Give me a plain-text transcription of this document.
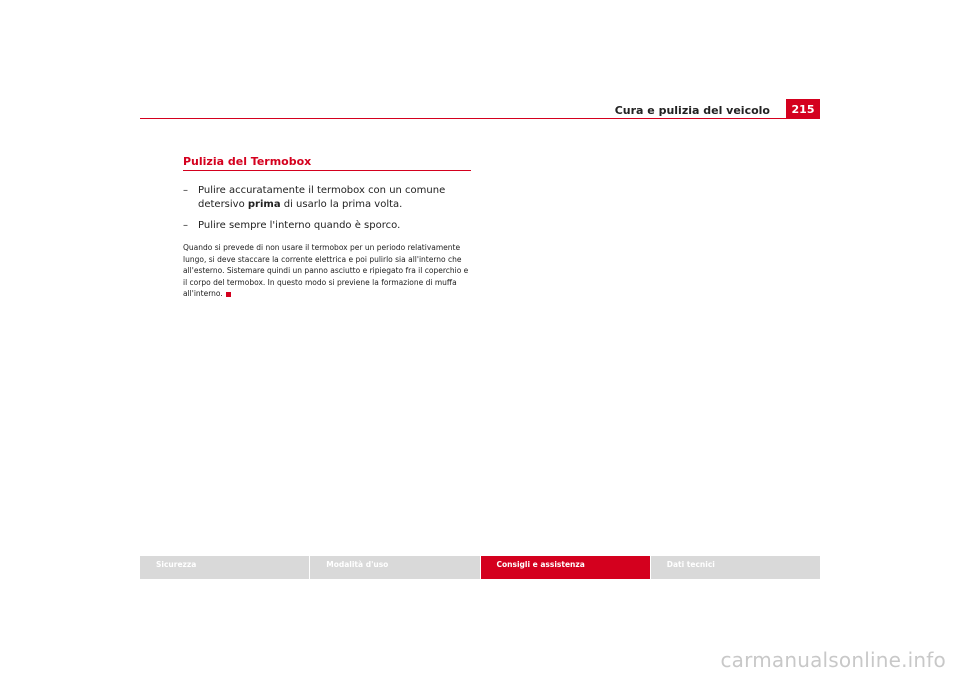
Cura e pulizia del veicolo	215
Pulizia del Termobox
– Pulire accuratamente il termobox con un comune detersivo prima di usarlo la prima volta.
– Pulire sempre l'interno quando è sporco.

Quando si prevede di non usare il termobox per un periodo relativamente lungo, si deve staccare la corrente elettrica e poi pulirlo sia all'interno che all'esterno. Sistemare quindi un panno asciutto e ripiegato fra il coperchio e il corpo del termobox. In questo modo si previene la formazione di muffa all'interno.

Sicurezza	Modalità d'uso	Consigli e assistenza	Dati tecnici
carmanualsonline.info
